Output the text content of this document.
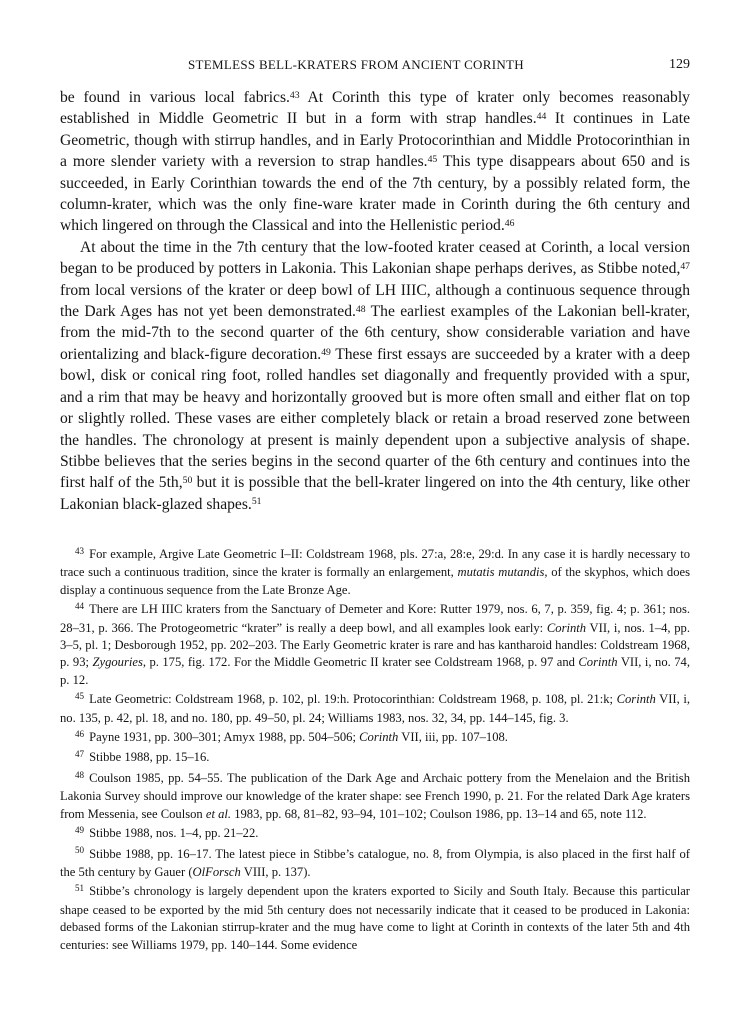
STEMLESS BELL-KRATERS FROM ANCIENT CORINTH	129

be found in various local fabrics.$^{43}$ At Corinth this type of krater only becomes reasonably established in Middle Geometric II but in a form with strap handles.$^{44}$ It continues in Late Geometric, though with stirrup handles, and in Early Protocorinthian and Middle Protocorinthian in a more slender variety with a reversion to strap handles.$^{45}$ This type disappears about 650 and is succeeded, in Early Corinthian towards the end of the 7th century, by a possibly related form, the column-krater, which was the only fine-ware krater made in Corinth during the 6th century and which lingered on through the Classical and into the Hellenistic period.$^{46}$

At about the time in the 7th century that the low-footed krater ceased at Corinth, a local version began to be produced by potters in Lakonia. This Lakonian shape perhaps derives, as Stibbe noted,$^{47}$ from local versions of the krater or deep bowl of LH IIIC, although a continuous sequence through the Dark Ages has not yet been demonstrated.$^{48}$ The earliest examples of the Lakonian bell-krater, from the mid-7th to the second quarter of the 6th century, show considerable variation and have orientalizing and black-figure decoration.$^{49}$ These first essays are succeeded by a krater with a deep bowl, disk or conical ring foot, rolled handles set diagonally and frequently provided with a spur, and a rim that may be heavy and horizontally grooved but is more often small and either flat on top or slightly rolled. These vases are either completely black or retain a broad reserved zone between the handles. The chronology at present is mainly dependent upon a subjective analysis of shape. Stibbe believes that the series begins in the second quarter of the 6th century and continues into the first half of the 5th,$^{50}$ but it is possible that the bell-krater lingered on into the 4th century, like other Lakonian black-glazed shapes.$^{51}$

$^{43}$ For example, Argive Late Geometric I–II: Coldstream 1968, pls. 27:a, 28:e, 29:d. In any case it is hardly necessary to trace such a continuous tradition, since the krater is formally an enlargement, mutatis mutandis, of the skyphos, which does display a continuous sequence from the Late Bronze Age.

$^{44}$ There are LH IIIC kraters from the Sanctuary of Demeter and Kore: Rutter 1979, nos. 6, 7, p. 359, fig. 4; p. 361; nos. 28–31, p. 366. The Protogeometric “krater” is really a deep bowl, and all examples look early: Corinth VII, i, nos. 1–4, pp. 3–5, pl. 1; Desborough 1952, pp. 202–203. The Early Geometric krater is rare and has kantharoid handles: Coldstream 1968, p. 93; Zygouries, p. 175, fig. 172. For the Middle Geometric II krater see Coldstream 1968, p. 97 and Corinth VII, i, no. 74, p. 12.

$^{45}$ Late Geometric: Coldstream 1968, p. 102, pl. 19:h. Protocorinthian: Coldstream 1968, p. 108, pl. 21:k; Corinth VII, i, no. 135, p. 42, pl. 18, and no. 180, pp. 49–50, pl. 24; Williams 1983, nos. 32, 34, pp. 144–145, fig. 3.

$^{46}$ Payne 1931, pp. 300–301; Amyx 1988, pp. 504–506; Corinth VII, iii, pp. 107–108.

$^{47}$ Stibbe 1988, pp. 15–16.

$^{48}$ Coulson 1985, pp. 54–55. The publication of the Dark Age and Archaic pottery from the Menelaion and the British Lakonia Survey should improve our knowledge of the krater shape: see French 1990, p. 21. For the related Dark Age kraters from Messenia, see Coulson et al. 1983, pp. 68, 81–82, 93–94, 101–102; Coulson 1986, pp. 13–14 and 65, note 112.

$^{49}$ Stibbe 1988, nos. 1–4, pp. 21–22.

$^{50}$ Stibbe 1988, pp. 16–17. The latest piece in Stibbe’s catalogue, no. 8, from Olympia, is also placed in the first half of the 5th century by Gauer (OlForsch VIII, p. 137).

$^{51}$ Stibbe’s chronology is largely dependent upon the kraters exported to Sicily and South Italy. Because this particular shape ceased to be exported by the mid 5th century does not necessarily indicate that it ceased to be produced in Lakonia: debased forms of the Lakonian stirrup-krater and the mug have come to light at Corinth in contexts of the later 5th and 4th centuries: see Williams 1979, pp. 140–144. Some evidence
